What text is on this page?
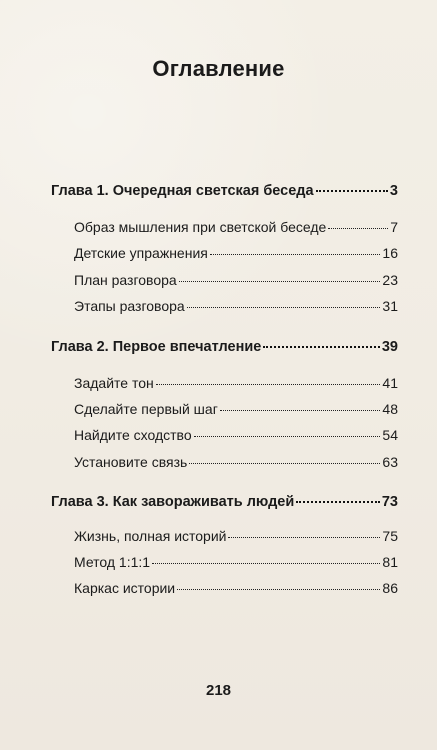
Оглавление
Глава 1. Очередная светская беседа	3
Образ мышления при светской беседе	7
Детские упражнения	16
План разговора	23
Этапы разговора	31
Глава 2. Первое впечатление	39
Задайте тон	41
Сделайте первый шаг	48
Найдите сходство	54
Установите связь	63
Глава 3. Как завораживать людей	73
Жизнь, полная историй	75
Метод 1:1:1	81
Каркас истории	86
218
